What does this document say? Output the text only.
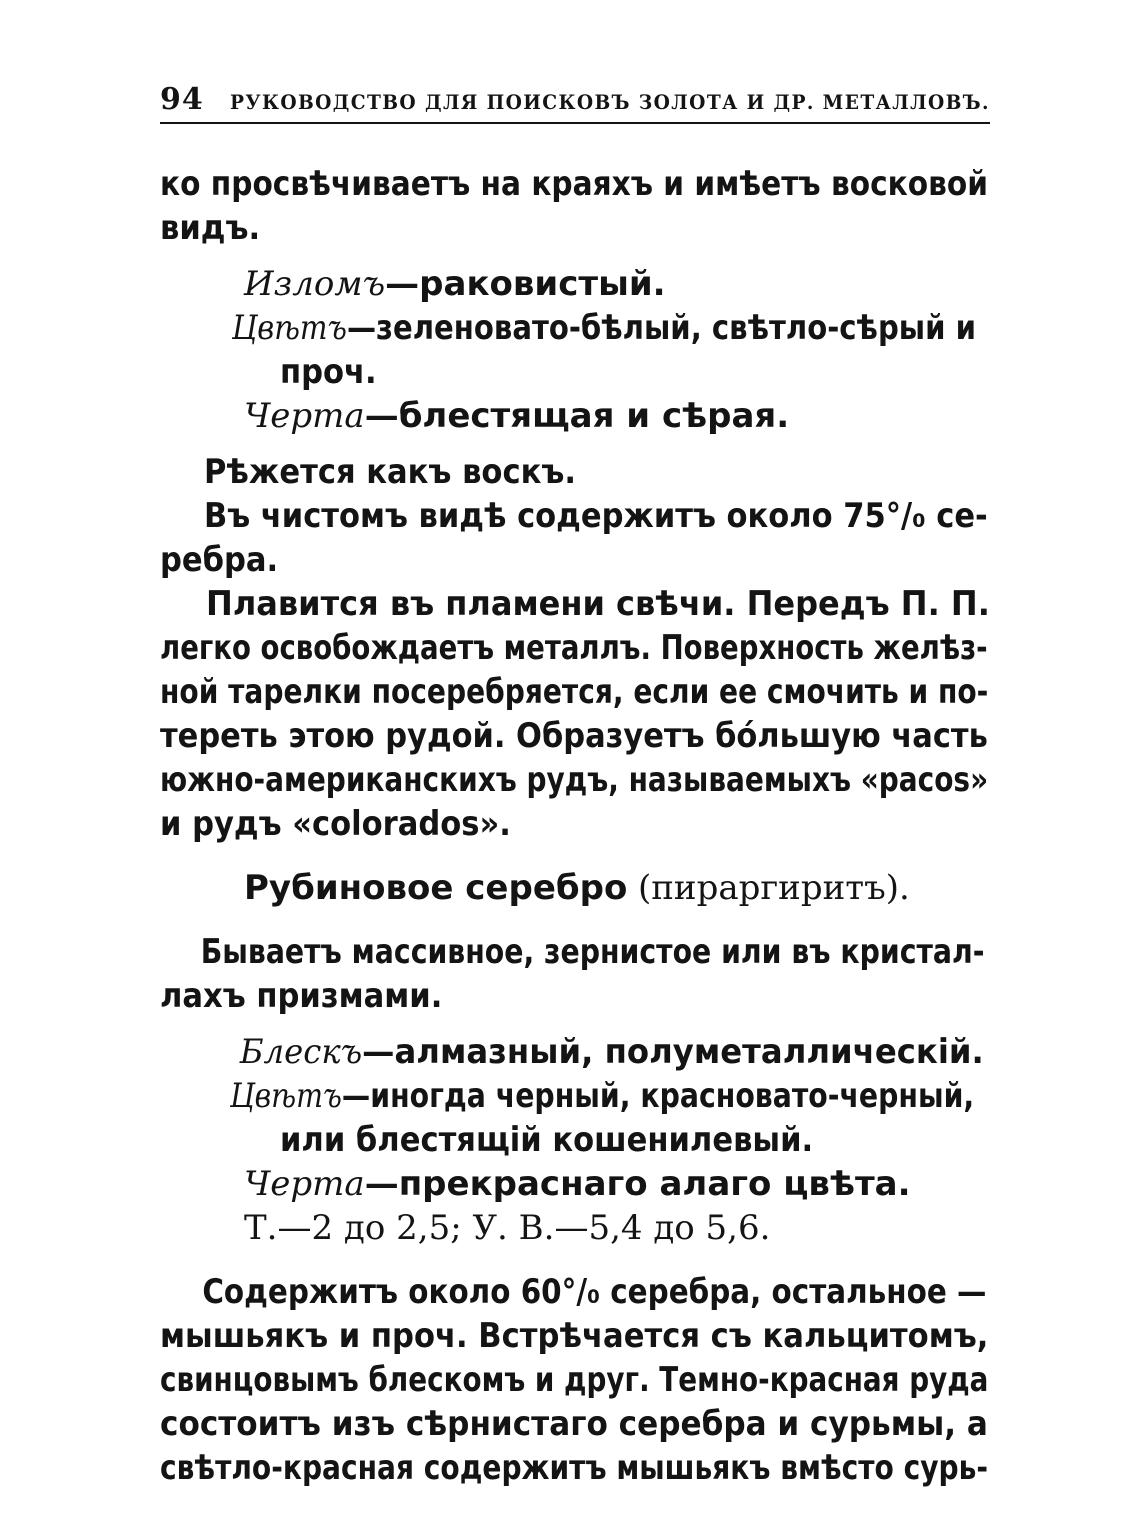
94 РУКОВОДСТВО ДЛЯ ПОИСКОВЪ ЗОЛОТА И ДР. МЕТАЛЛОВЪ.
ко просвѣчиваетъ на краяхъ и имѣетъ восковой
видъ.
Изломъ—раковистый.
Цвѣтъ—зеленовато-бѣлый, свѣтло-сѣрый и
проч.
Черта—блестящая и сѣрая.
Рѣжется какъ воскъ.
Въ чистомъ видѣ содержитъ около 75°/₀ се-
ребра.
Плавится въ пламени свѣчи. Передъ П. П.
легко освобождаетъ металлъ. Поверхность желѣз-
ной тарелки посеребряется, если ее смочить и по-
тереть этою рудой. Образуетъ бóльшую часть
южно-американскихъ рудъ, называемыхъ «pacos»
и рудъ «colorados».
Рубиновое серебро (пираргиритъ).
Бываетъ массивное, зернистое или въ кристал-
лахъ призмами.
Блескъ—алмазный, полуметаллическій.
Цвѣтъ—иногда черный, красновато-черный,
или блестящій кошенилевый.
Черта—прекраснаго алаго цвѣта.
Т.—2 до 2,5; У. В.—5,4 до 5,6.
Содержитъ около 60°/₀ серебра, остальное —
мышьякъ и проч. Встрѣчается съ кальцитомъ,
свинцовымъ блескомъ и друг. Темно-красная руда
состоитъ изъ сѣрнистаго серебра и сурьмы, а
свѣтло-красная содержитъ мышьякъ вмѣсто сурь-
